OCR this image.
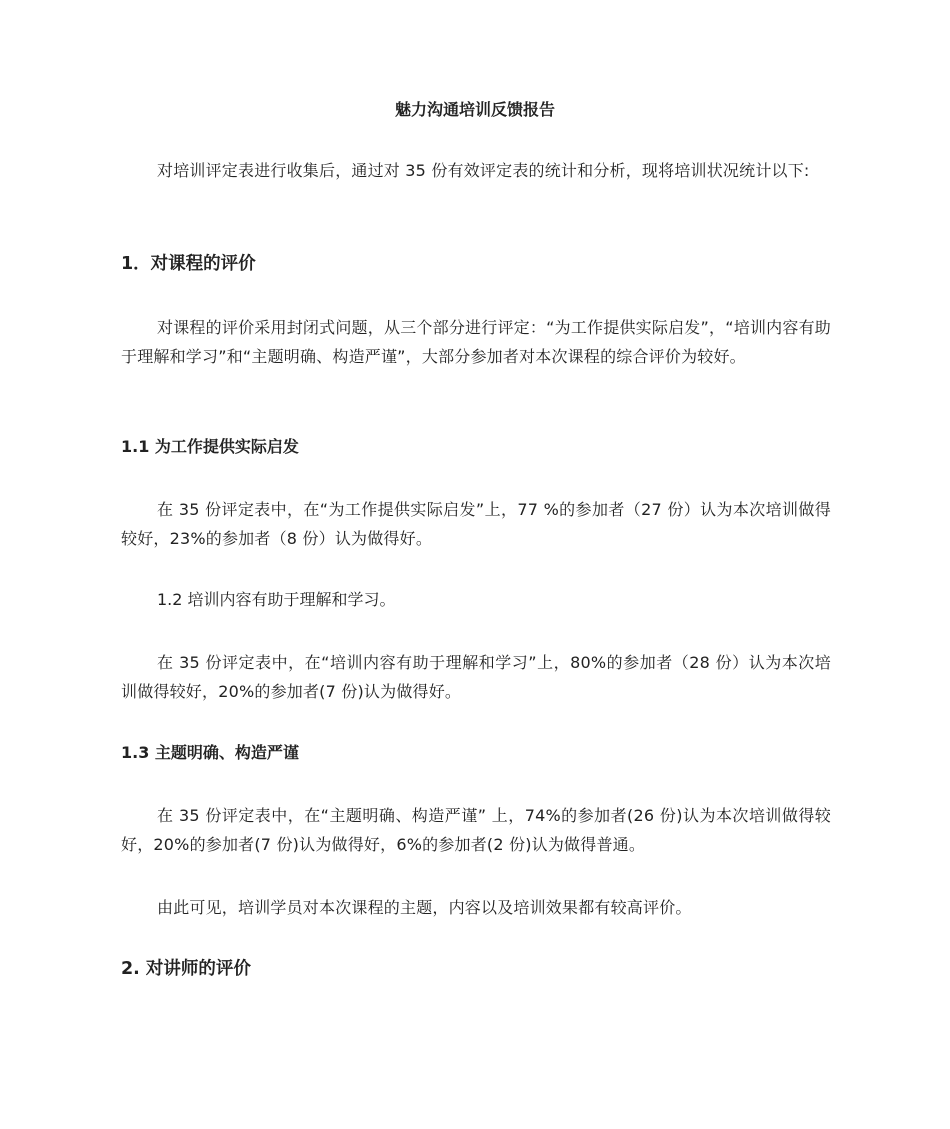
魅力沟通培训反馈报告

对培训评定表进行收集后，通过对 35 份有效评定表的统计和分析，现将培训状况统计以下:

1．对课程的评价

对课程的评价采用封闭式问题，从三个部分进行评定：“为工作提供实际启发”，“培训内容有助于理解和学习”和“主题明确、构造严谨”，大部分参加者对本次课程的综合评价为较好。

1.1 为工作提供实际启发

在 35 份评定表中，在“为工作提供实际启发”上，77 %的参加者（27 份）认为本次培训做得较好，23%的参加者（8 份）认为做得好。

1.2 培训内容有助于理解和学习。

在 35 份评定表中，在“培训内容有助于理解和学习”上，80%的参加者（28 份）认为本次培训做得较好，20%的参加者(7 份)认为做得好。

1.3 主题明确、构造严谨

在 35 份评定表中，在“主题明确、构造严谨” 上，74%的参加者(26 份)认为本次培训做得较好，20%的参加者(7 份)认为做得好，6%的参加者(2 份)认为做得普通。

由此可见，培训学员对本次课程的主题，内容以及培训效果都有较高评价。

2. 对讲师的评价
